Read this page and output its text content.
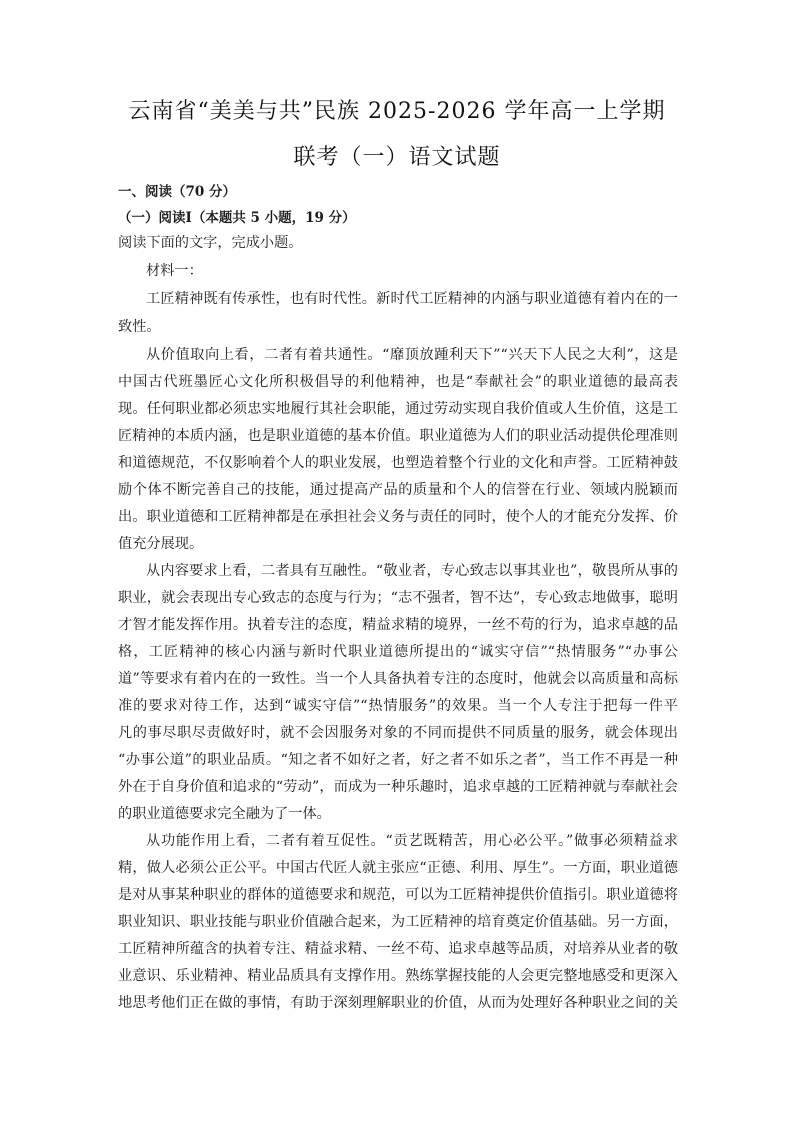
云南省“美美与共”民族 2025-2026 学年高一上学期
联考（一）语文试题
一、阅读（70 分）
（一）阅读Ⅰ（本题共 5 小题，19 分）
阅读下面的文字，完成小题。
材料一：
工匠精神既有传承性，也有时代性。新时代工匠精神的内涵与职业道德有着内在的一
致性。
从价值取向上看，二者有着共通性。“靡顶放踵利天下”“兴天下人民之大利”，这是
中国古代班墨匠心文化所积极倡导的利他精神，也是“奉献社会”的职业道德的最高表
现。任何职业都必须忠实地履行其社会职能，通过劳动实现自我价值或人生价值，这是工
匠精神的本质内涵，也是职业道德的基本价值。职业道德为人们的职业活动提供伦理准则
和道德规范，不仅影响着个人的职业发展，也塑造着整个行业的文化和声誉。工匠精神鼓
励个体不断完善自己的技能，通过提高产品的质量和个人的信誉在行业、领域内脱颖而
出。职业道德和工匠精神都是在承担社会义务与责任的同时，使个人的才能充分发挥、价
值充分展现。
从内容要求上看，二者具有互融性。“敬业者，专心致志以事其业也”，敬畏所从事的
职业，就会表现出专心致志的态度与行为；“志不强者，智不达”，专心致志地做事，聪明
才智才能发挥作用。执着专注的态度，精益求精的境界，一丝不苟的行为，追求卓越的品
格，工匠精神的核心内涵与新时代职业道德所提出的“诚实守信”“热情服务”“办事公
道”等要求有着内在的一致性。当一个人具备执着专注的态度时，他就会以高质量和高标
准的要求对待工作，达到“诚实守信”“热情服务”的效果。当一个人专注于把每一件平
凡的事尽职尽责做好时，就不会因服务对象的不同而提供不同质量的服务，就会体现出
“办事公道”的职业品质。“知之者不如好之者，好之者不如乐之者”，当工作不再是一种
外在于自身价值和追求的“劳动”，而成为一种乐趣时，追求卓越的工匠精神就与奉献社会
的职业道德要求完全融为了一体。
从功能作用上看，二者有着互促性。“贡艺既精苦，用心必公平。”做事必须精益求
精，做人必须公正公平。中国古代匠人就主张应“正德、利用、厚生”。一方面，职业道德
是对从事某种职业的群体的道德要求和规范，可以为工匠精神提供价值指引。职业道德将
职业知识、职业技能与职业价值融合起来，为工匠精神的培育奠定价值基础。另一方面，
工匠精神所蕴含的执着专注、精益求精、一丝不苟、追求卓越等品质，对培养从业者的敬
业意识、乐业精神、精业品质具有支撑作用。熟练掌握技能的人会更完整地感受和更深入
地思考他们正在做的事情，有助于深刻理解职业的价值，从而为处理好各种职业之间的关
